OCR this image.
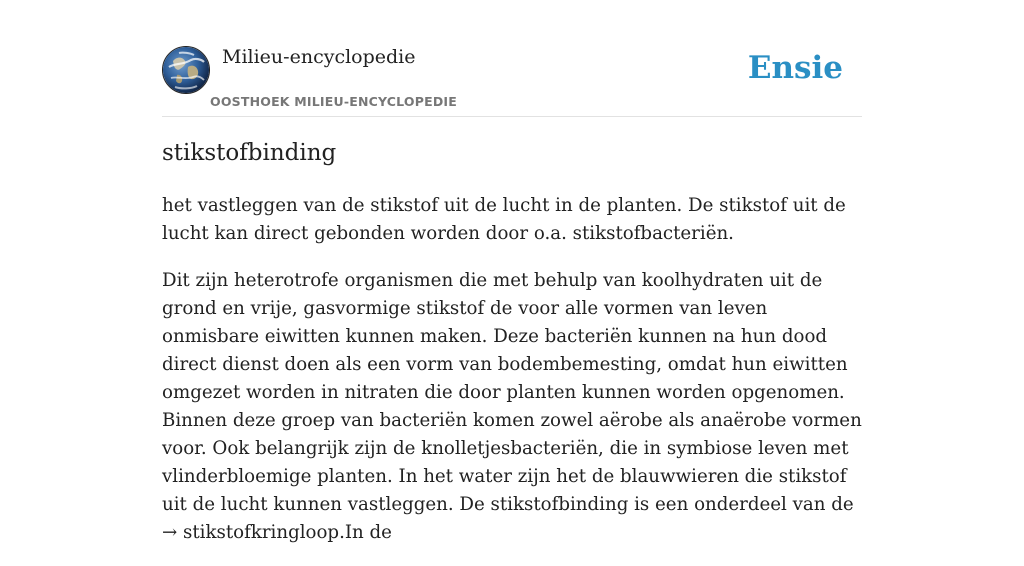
Milieu-encyclopedie
OOSTHOEK MILIEU-ENCYCLOPEDIE
Ensie
stikstofbinding

het vastleggen van de stikstof uit de lucht in de planten. De stikstof uit de lucht kan direct gebonden worden door o.a. stikstofbacteriën.

Dit zijn heterotrofe organismen die met behulp van koolhydraten uit de grond en vrije, gasvormige stikstof de voor alle vormen van leven onmisbare eiwitten kunnen maken. Deze bacteriën kunnen na hun dood direct dienst doen als een vorm van bodembemesting, omdat hun eiwitten omgezet worden in nitraten die door planten kunnen worden opgenomen. Binnen deze groep van bacteriën komen zowel aërobe als anaërobe vormen voor. Ook belangrijk zijn de knolletjesbacteriën, die in symbiose leven met vlinderbloemige planten. In het water zijn het de blauwwieren die stikstof uit de lucht kunnen vastleggen. De stikstofbinding is een onderdeel van de → stikstofkringloop.In de
